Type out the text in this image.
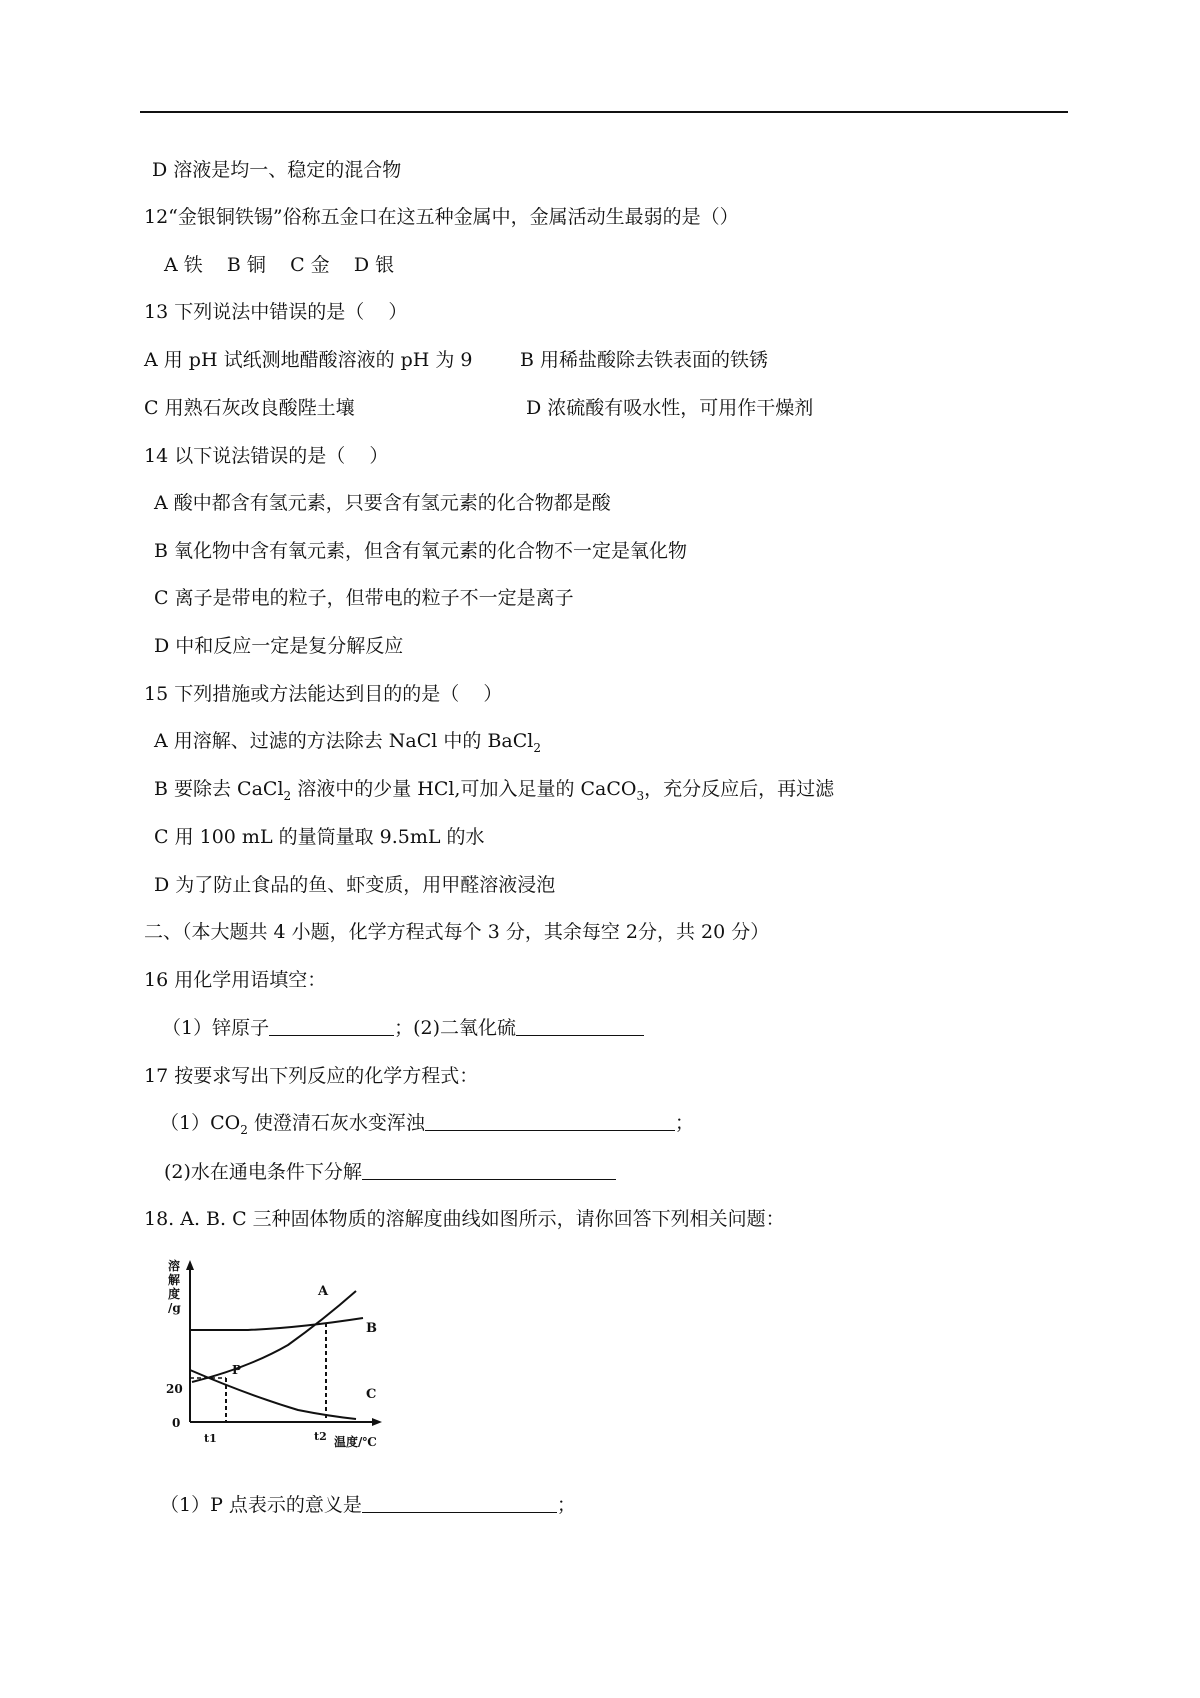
D 溶液是均一、稳定的混合物
12“金银铜铁锡”俗称五金口在这五种金属中，金属活动生最弱的是（）
A 铁    B 铜    C 金    D 银
13 下列说法中错误的是（    ）
A 用 pH 试纸测地醋酸溶液的 pH 为 9 B 用稀盐酸除去铁表面的铁锈
C 用熟石灰改良酸陛土壤	D 浓硫酸有吸水性，可用作干燥剂
14 以下说法错误的是（    ）
A 酸中都含有氢元素，只要含有氢元素的化合物都是酸
B 氧化物中含有氧元素，但含有氧元素的化合物不一定是氧化物
C 离子是带电的粒子，但带电的粒子不一定是离子
D 中和反应一定是复分解反应
15 下列措施或方法能达到目的的是（    ）
A 用溶解、过滤的方法除去 NaCl 中的 BaCl$_2$
B 要除去 CaCl$_2$ 溶液中的少量 HCl,可加入足量的 CaCO$_3$，充分反应后，再过滤
C 用 100 mL 的量筒量取 9.5mL 的水
D 为了防止食品的鱼、虾变质，用甲醛溶液浸泡
二、（本大题共 4 小题，化学方程式每个 3 分，其余每空 2分，共 20 分）
16 用化学用语填空：
（1）锌原子	；(2)二氧化硫
17 按要求写出下列反应的化学方程式：
$(1)CO_2$ 使澄清石灰水变浑浊	；
(2)水在通电条件下分解
18. A. B. C 三种固体物质的溶解度曲线如图所示，请你回答下列相关问题：
溶
解
度
/g
20
0
t1	t2 温度/℃
P
A
B
C
（1）P 点表示的意义是	；
